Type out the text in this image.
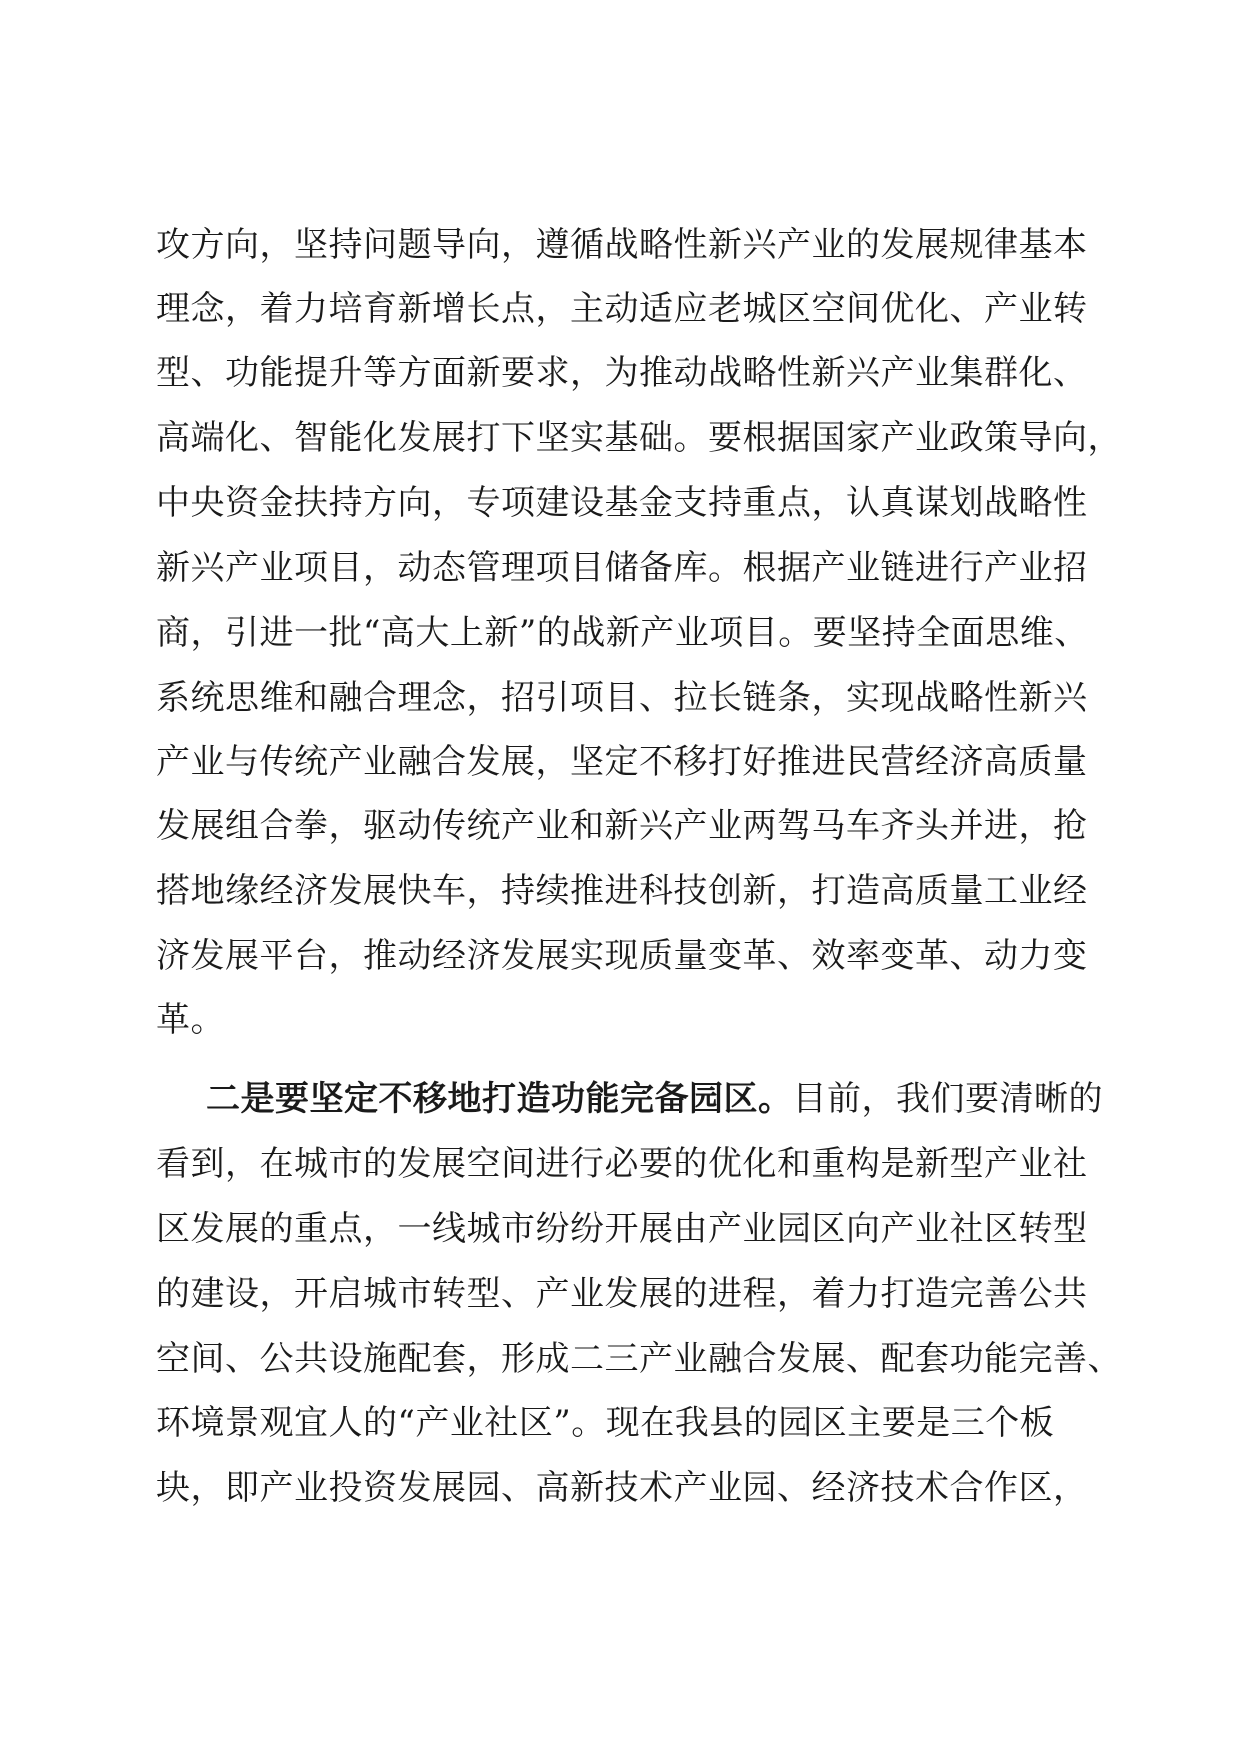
攻方向，坚持问题导向，遵循战略性新兴产业的发展规律基本
理念，着力培育新增长点，主动适应老城区空间优化、产业转
型、功能提升等方面新要求，为推动战略性新兴产业集群化、
高端化、智能化发展打下坚实基础。要根据国家产业政策导向，
中央资金扶持方向，专项建设基金支持重点，认真谋划战略性
新兴产业项目，动态管理项目储备库。根据产业链进行产业招
商，引进一批“高大上新”的战新产业项目。要坚持全面思维、
系统思维和融合理念，招引项目、拉长链条，实现战略性新兴
产业与传统产业融合发展，坚定不移打好推进民营经济高质量
发展组合拳，驱动传统产业和新兴产业两驾马车齐头并进，抢
搭地缘经济发展快车，持续推进科技创新，打造高质量工业经
济发展平台，推动经济发展实现质量变革、效率变革、动力变
革。
二是要坚定不移地打造功能完备园区。目前，我们要清晰的
看到，在城市的发展空间进行必要的优化和重构是新型产业社
区发展的重点，一线城市纷纷开展由产业园区向产业社区转型
的建设，开启城市转型、产业发展的进程，着力打造完善公共
空间、公共设施配套，形成二三产业融合发展、配套功能完善、
环境景观宜人的“产业社区”。现在我县的园区主要是三个板
块，即产业投资发展园、高新技术产业园、经济技术合作区，
